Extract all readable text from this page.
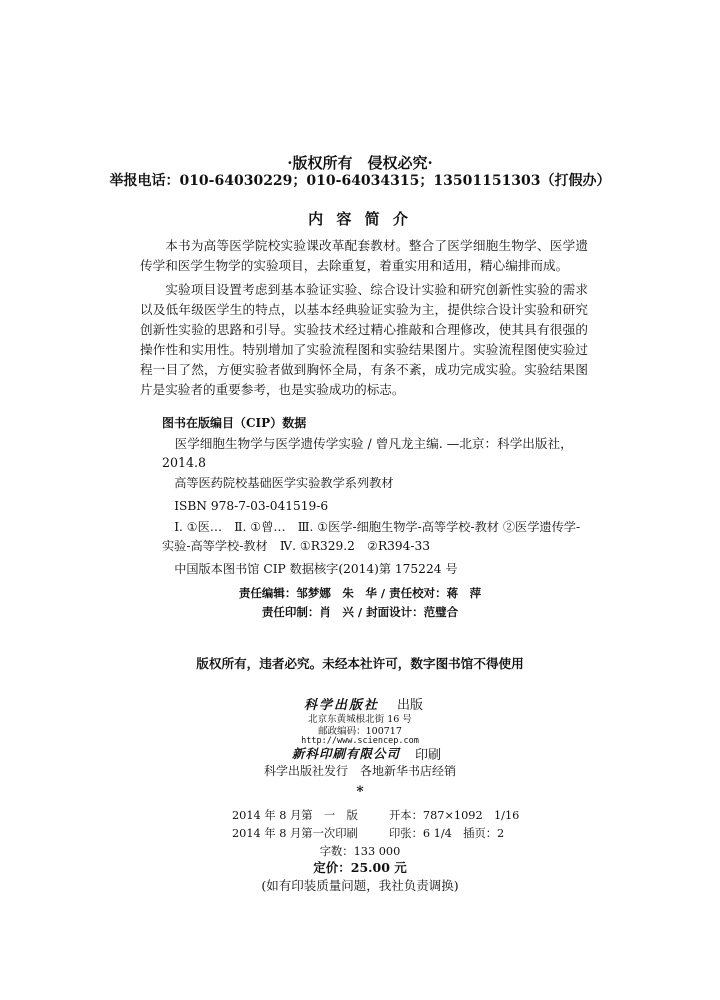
·版权所有　侵权必究·
举报电话：010-64030229；010-64034315；13501151303（打假办）
内 容 简 介
本书为高等医学院校实验课改革配套教材。整合了医学细胞生物学、医学遗传学和医学生物学的实验项目，去除重复，着重实用和适用，精心编排而成。
实验项目设置考虑到基本验证实验、综合设计实验和研究创新性实验的需求以及低年级医学生的特点，以基本经典验证实验为主，提供综合设计实验和研究创新性实验的思路和引导。实验技术经过精心推敲和合理修改，使其具有很强的操作性和实用性。特别增加了实验流程图和实验结果图片。实验流程图使实验过程一目了然，方便实验者做到胸怀全局，有条不紊，成功完成实验。实验结果图片是实验者的重要参考，也是实验成功的标志。
图书在版编目（CIP）数据
医学细胞生物学与医学遗传学实验 / 曾凡龙主编. —北京：科学出版社，2014.8
高等医药院校基础医学实验教学系列教材
ISBN 978-7-03-041519-6
Ⅰ. ①医…　Ⅱ. ①曾…　Ⅲ. ①医学-细胞生物学-高等学校-教材 ②医学遗传学-实验-高等学校-教材　Ⅳ. ①R329.2　②R394-33
中国版本图书馆 CIP 数据核字(2014)第 175224 号
责任编辑：邹梦娜　朱　华 / 责任校对：蒋　萍
责任印制：肖　兴 / 封面设计：范璧合
版权所有，违者必究。未经本社许可，数字图书馆不得使用
科学出版社 出版
北京东黄城根北街 16 号
邮政编码：100717
http://www.sciencep.com
新科印刷有限公司 印刷
科学出版社发行　各地新华书店经销
*
2014 年 8 月第　一　版	开本：787×1092　1/16
2014 年 8 月第一次印刷	印张：6 1/4　插页：2
字数：133 000
定价：25.00 元
(如有印装质量问题，我社负责调换)
